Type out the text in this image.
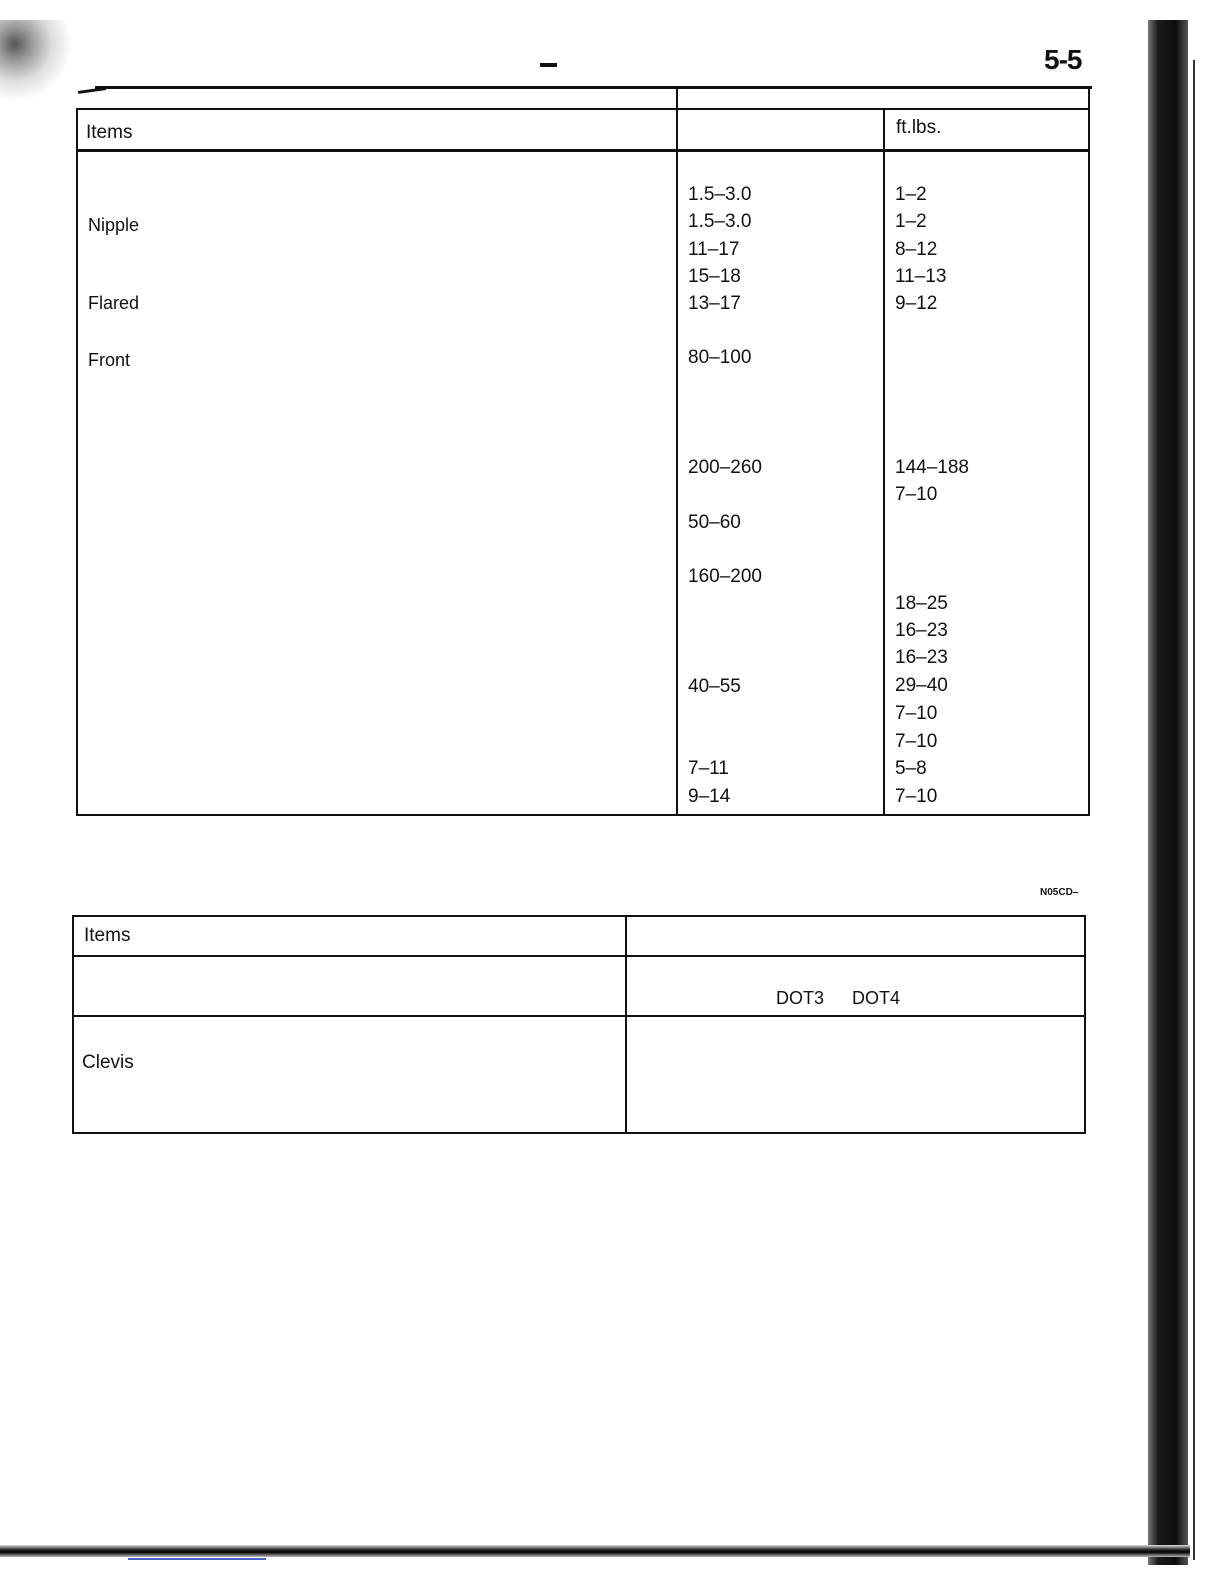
5-5
Items	ft.lbs.
Nipple
Flared
Front
1.5–3.0
1.5–3.0
11–17
15–18
13–17
80–100
200–260
50–60
160–200
40–55
7–11
9–14
1–2
1–2
8–12
11–13
9–12
144–188
7–10
18–25
16–23
16–23
29–40
7–10
7–10
5–8
7–10
N05CD–
Items
DOT3 DOT4
Clevis
